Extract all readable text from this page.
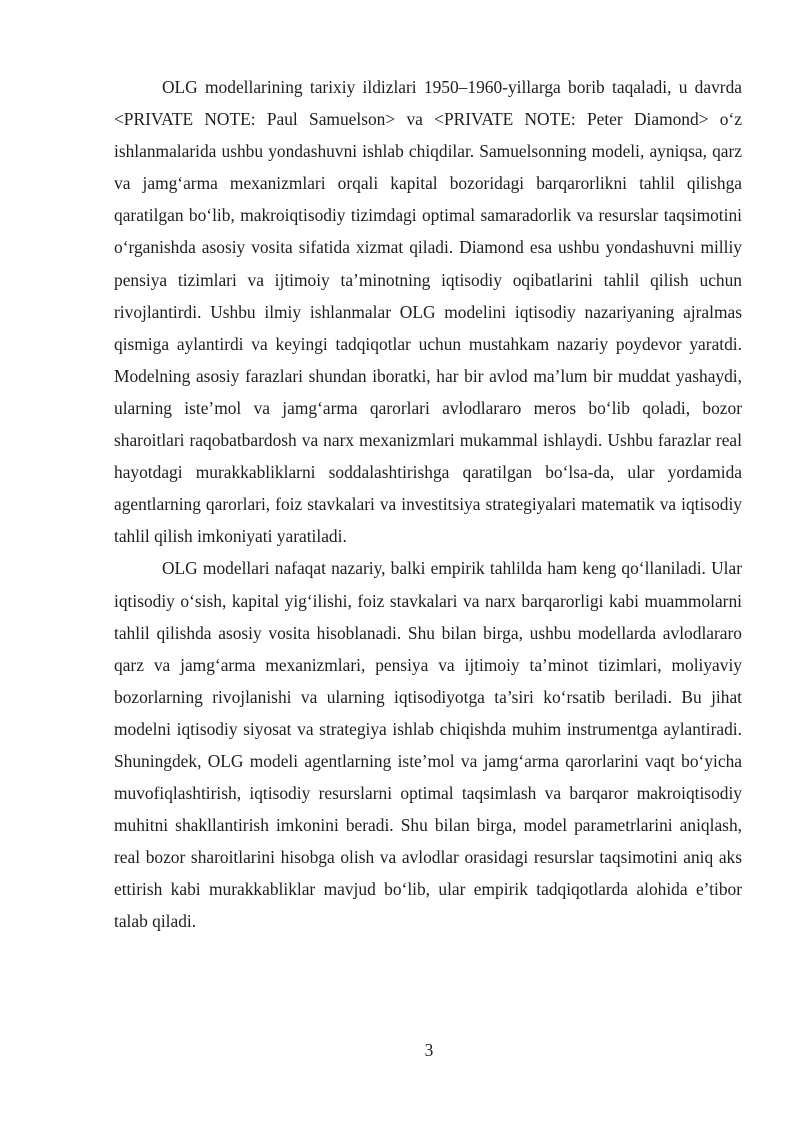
OLG modellarining tarixiy ildizlari 1950–1960-yillarga borib taqaladi, u davrda <PRIVATE NOTE: Paul Samuelson> va <PRIVATE NOTE: Peter Diamond> o‘z ishlanmalarida ushbu yondashuvni ishlab chiqdilar. Samuelsonning modeli, ayniqsa, qarz va jamg‘arma mexanizmlari orqali kapital bozoridagi barqarorlikni tahlil qilishga qaratilgan bo‘lib, makroiqtisodiy tizimdagi optimal samaradorlik va resurslar taqsimotini o‘rganishda asosiy vosita sifatida xizmat qiladi. Diamond esa ushbu yondashuvni milliy pensiya tizimlari va ijtimoiy ta’minotning iqtisodiy oqibatlarini tahlil qilish uchun rivojlantirdi. Ushbu ilmiy ishlanmalar OLG modelini iqtisodiy nazariyaning ajralmas qismiga aylantirdi va keyingi tadqiqotlar uchun mustahkam nazariy poydevor yaratdi. Modelning asosiy farazlari shundan iboratki, har bir avlod ma’lum bir muddat yashaydi, ularning iste’mol va jamg‘arma qarorlari avlodlararo meros bo‘lib qoladi, bozor sharoitlari raqobatbardosh va narx mexanizmlari mukammal ishlaydi. Ushbu farazlar real hayotdagi murakkabliklarni soddalashtirishga qaratilgan bo‘lsa-da, ular yordamida agentlarning qarorlari, foiz stavkalari va investitsiya strategiyalari matematik va iqtisodiy tahlil qilish imkoniyati yaratiladi.

OLG modellari nafaqat nazariy, balki empirik tahlilda ham keng qo‘llaniladi. Ular iqtisodiy o‘sish, kapital yig‘ilishi, foiz stavkalari va narx barqarorligi kabi muammolarni tahlil qilishda asosiy vosita hisoblanadi. Shu bilan birga, ushbu modellarda avlodlararo qarz va jamg‘arma mexanizmlari, pensiya va ijtimoiy ta’minot tizimlari, moliyaviy bozorlarning rivojlanishi va ularning iqtisodiyotga ta’siri ko‘rsatib beriladi. Bu jihat modelni iqtisodiy siyosat va strategiya ishlab chiqishda muhim instrumentga aylantiradi. Shuningdek, OLG modeli agentlarning iste’mol va jamg‘arma qarorlarini vaqt bo‘yicha muvofiqlashtirish, iqtisodiy resurslarni optimal taqsimlash va barqaror makroiqtisodiy muhitni shakllantirish imkonini beradi. Shu bilan birga, model parametrlarini aniqlash, real bozor sharoitlarini hisobga olish va avlodlar orasidagi resurslar taqsimotini aniq aks ettirish kabi murakkabliklar mavjud bo‘lib, ular empirik tadqiqotlarda alohida e’tibor talab qiladi.

3
